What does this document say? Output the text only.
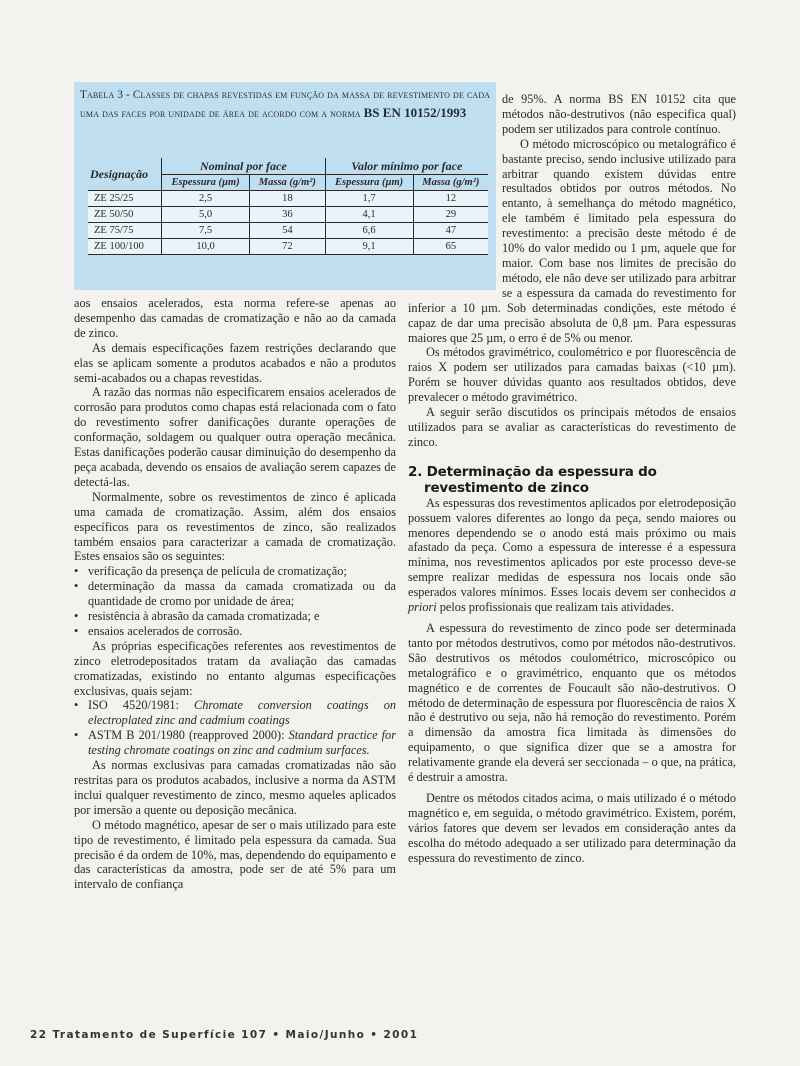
Tabela 3 - Classes de chapas revestidas em função da massa de revestimento de cada uma das faces por unidade de área de acordo com a norma BS EN 10152/1993
Designação	Nominal por face		Valor mínimo por face	
	Espessura (µm)	Massa (g/m²)	Espessura (µm)	Massa (g/m²)
ZE 25/25	2,5	18	1,7	12
ZE 50/50	5,0	36	4,1	29
ZE 75/75	7,5	54	6,6	47
ZE 100/100	10,0	72	9,1	65

aos ensaios acelerados, esta norma refere-se apenas ao desempenho das camadas de cromatização e não ao da camada de zinco.

As demais especificações fazem restrições declarando que elas se aplicam somente a produtos acabados e não a produtos semi-acabados ou a chapas revestidas.

A razão das normas não especificarem ensaios acelerados de corrosão para produtos como chapas está relacionada com o fato do revestimento sofrer danificações durante operações de conformação, soldagem ou qualquer outra operação mecânica. Estas danificações poderão causar diminuição do desempenho da peça acabada, devendo os ensaios de avaliação serem capazes de detectá-las.

Normalmente, sobre os revestimentos de zinco é aplicada uma camada de cromatização. Assim, além dos ensaios específicos para os revestimentos de zinco, são realizados também ensaios para caracterizar a camada de cromatização. Estes ensaios são os seguintes:

• verificação da presença de película de cromatização;
• determinação da massa da camada cromatizada ou da quantidade de cromo por unidade de área;
• resistência à abrasão da camada cromatizada; e
• ensaios acelerados de corrosão.

As próprias especificações referentes aos revestimentos de zinco eletrodepositados tratam da avaliação das camadas cromatizadas, existindo no entanto algumas especificações exclusivas, quais sejam:

• ISO 4520/1981: Chromate conversion coatings on electroplated zinc and cadmium coatings
• ASTM B 201/1980 (reapproved 2000): Standard practice for testing chromate coatings on zinc and cadmium surfaces.

As normas exclusivas para camadas cromatizadas não são restritas para os produtos acabados, inclusive a norma da ASTM inclui qualquer revestimento de zinco, mesmo aqueles aplicados por imersão a quente ou deposição mecânica.

O método magnético, apesar de ser o mais utilizado para este tipo de revestimento, é limitado pela espessura da camada. Sua precisão é da ordem de 10%, mas, dependendo do equipamento e das características da amostra, pode ser de até 5% para um intervalo de confiança

de 95%. A norma BS EN 10152 cita que métodos não-destrutivos (não especifica qual) podem ser utilizados para controle contínuo.

O método microscópico ou metalográfico é bastante preciso, sendo inclusive utilizado para arbitrar quando existem dúvidas entre resultados obtidos por outros métodos. No entanto, à semelhança do método magnético, ele também é limitado pela espessura do revestimento: a precisão deste método é de 10% do valor medido ou 1 µm, aquele que for maior. Com base nos limites de precisão do método, ele não deve ser utilizado para arbitrar se a espessura da camada do revestimento for inferior a 10 µm. Sob determinadas condições, este método é capaz de dar uma precisão absoluta de 0,8 µm. Para espessuras maiores que 25 µm, o erro é de 5% ou menor.

Os métodos gravimétrico, coulométrico e por fluorescência de raios X podem ser utilizados para camadas baixas (<10 µm). Porém se houver dúvidas quanto aos resultados obtidos, deve prevalecer o método gravimétrico.

A seguir serão discutidos os principais métodos de ensaios utilizados para se avaliar as características do revestimento de zinco.

2. Determinação da espessura do
revestimento de zinco

As espessuras dos revestimentos aplicados por eletrodeposição possuem valores diferentes ao longo da peça, sendo maiores ou menores dependendo se o anodo está mais próximo ou mais afastado da peça. Como a espessura de interesse é a espessura mínima, nos revestimentos aplicados por este processo deve-se sempre realizar medidas de espessura nos locais onde são esperados valores mínimos. Esses locais devem ser conhecidos a priori pelos profissionais que realizam tais atividades.

A espessura do revestimento de zinco pode ser determinada tanto por métodos destrutivos, como por métodos não-destrutivos. São destrutivos os métodos coulométrico, microscópico ou metalográfico e o gravimétrico, enquanto que os métodos magnético e de correntes de Foucault são não-destrutivos. O método de determinação de espessura por fluorescência de raios X não é destrutivo ou seja, não há remoção do revestimento. Porém a dimensão da amostra fica limitada às dimensões do equipamento, o que significa dizer que se a amostra for relativamente grande ela deverá ser seccionada – o que, na prática, é destruir a amostra.

Dentre os métodos citados acima, o mais utilizado é o método magnético e, em seguida, o método gravimétrico. Existem, porém, vários fatores que devem ser levados em consideração antes da escolha do método adequado a ser utilizado para determinação da espessura do revestimento de zinco.

22 Tratamento de Superfície 107 • Maio/Junho • 2001
